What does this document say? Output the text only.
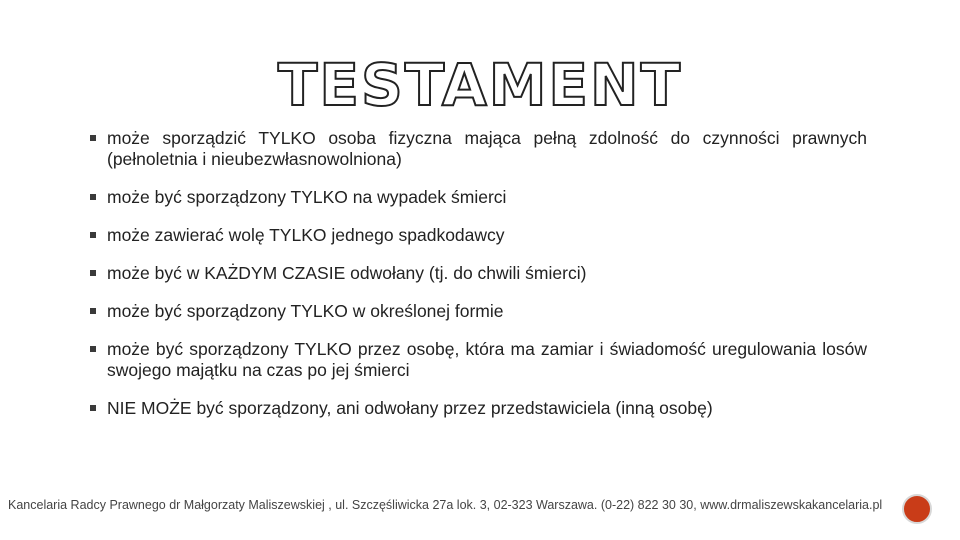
TESTAMENT
może sporządzić TYLKO osoba fizyczna mająca pełną zdolność do czynności prawnych (pełnoletnia i nieubezwłasnowolniona)
może być sporządzony TYLKO na wypadek śmierci
może zawierać wolę TYLKO jednego spadkodawcy
może być w KAŻDYM CZASIE odwołany (tj. do chwili śmierci)
może być sporządzony TYLKO w określonej formie
może być sporządzony TYLKO przez osobę, która ma zamiar i świadomość uregulowania losów swojego majątku na czas po jej śmierci
NIE MOŻE być sporządzony, ani odwołany przez przedstawiciela (inną osobę)
Kancelaria Radcy Prawnego dr Małgorzaty Maliszewskiej , ul. Szczęśliwicka 27a lok. 3, 02-323 Warszawa. (0-22) 822 30 30, www.drmaliszewskakancelaria.pl
